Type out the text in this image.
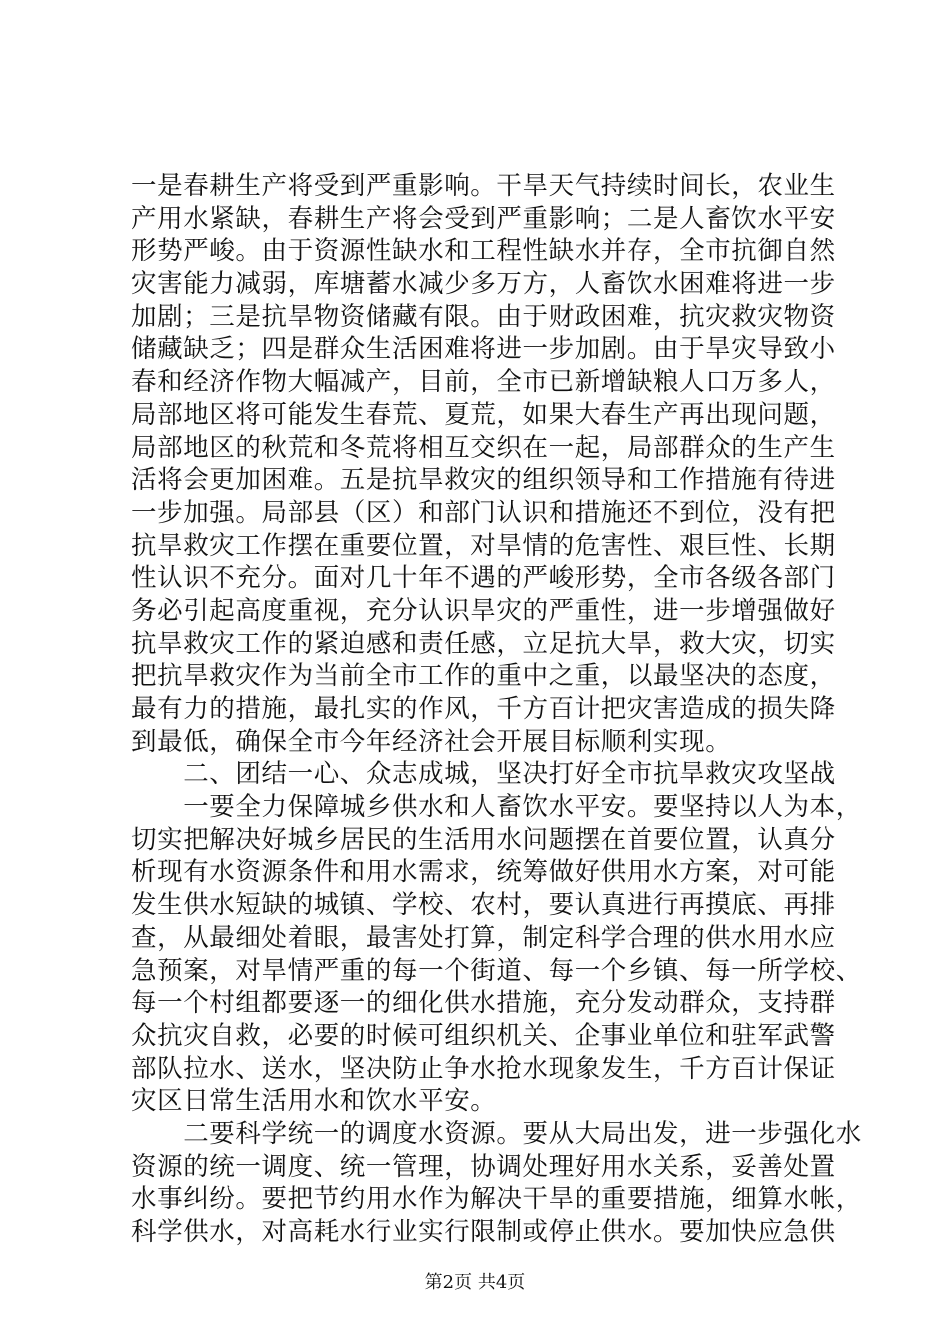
一是春耕生产将受到严重影响。干旱天气持续时间长，农业生
产用水紧缺，春耕生产将会受到严重影响；二是人畜饮水平安
形势严峻。由于资源性缺水和工程性缺水并存，全市抗御自然
灾害能力减弱，库塘蓄水减少多万方，人畜饮水困难将进一步
加剧；三是抗旱物资储藏有限。由于财政困难，抗灾救灾物资
储藏缺乏；四是群众生活困难将进一步加剧。由于旱灾导致小
春和经济作物大幅减产，目前，全市已新增缺粮人口万多人，
局部地区将可能发生春荒、夏荒，如果大春生产再出现问题，
局部地区的秋荒和冬荒将相互交织在一起，局部群众的生产生
活将会更加困难。五是抗旱救灾的组织领导和工作措施有待进
一步加强。局部县（区）和部门认识和措施还不到位，没有把
抗旱救灾工作摆在重要位置，对旱情的危害性、艰巨性、长期
性认识不充分。面对几十年不遇的严峻形势，全市各级各部门
务必引起高度重视，充分认识旱灾的严重性，进一步增强做好
抗旱救灾工作的紧迫感和责任感，立足抗大旱，救大灾，切实
把抗旱救灾作为当前全市工作的重中之重，以最坚决的态度，
最有力的措施，最扎实的作风，千方百计把灾害造成的损失降
到最低，确保全市今年经济社会开展目标顺利实现。
　　二、团结一心、众志成城，坚决打好全市抗旱救灾攻坚战
　　一要全力保障城乡供水和人畜饮水平安。要坚持以人为本，
切实把解决好城乡居民的生活用水问题摆在首要位置，认真分
析现有水资源条件和用水需求，统筹做好供用水方案，对可能
发生供水短缺的城镇、学校、农村，要认真进行再摸底、再排
查，从最细处着眼，最害处打算，制定科学合理的供水用水应
急预案，对旱情严重的每一个街道、每一个乡镇、每一所学校、
每一个村组都要逐一的细化供水措施，充分发动群众，支持群
众抗灾自救，必要的时候可组织机关、企事业单位和驻军武警
部队拉水、送水，坚决防止争水抢水现象发生，千方百计保证
灾区日常生活用水和饮水平安。
　　二要科学统一的调度水资源。要从大局出发，进一步强化水
资源的统一调度、统一管理，协调处理好用水关系，妥善处置
水事纠纷。要把节约用水作为解决干旱的重要措施，细算水帐，
科学供水，对高耗水行业实行限制或停止供水。要加快应急供
第2页 共4页
